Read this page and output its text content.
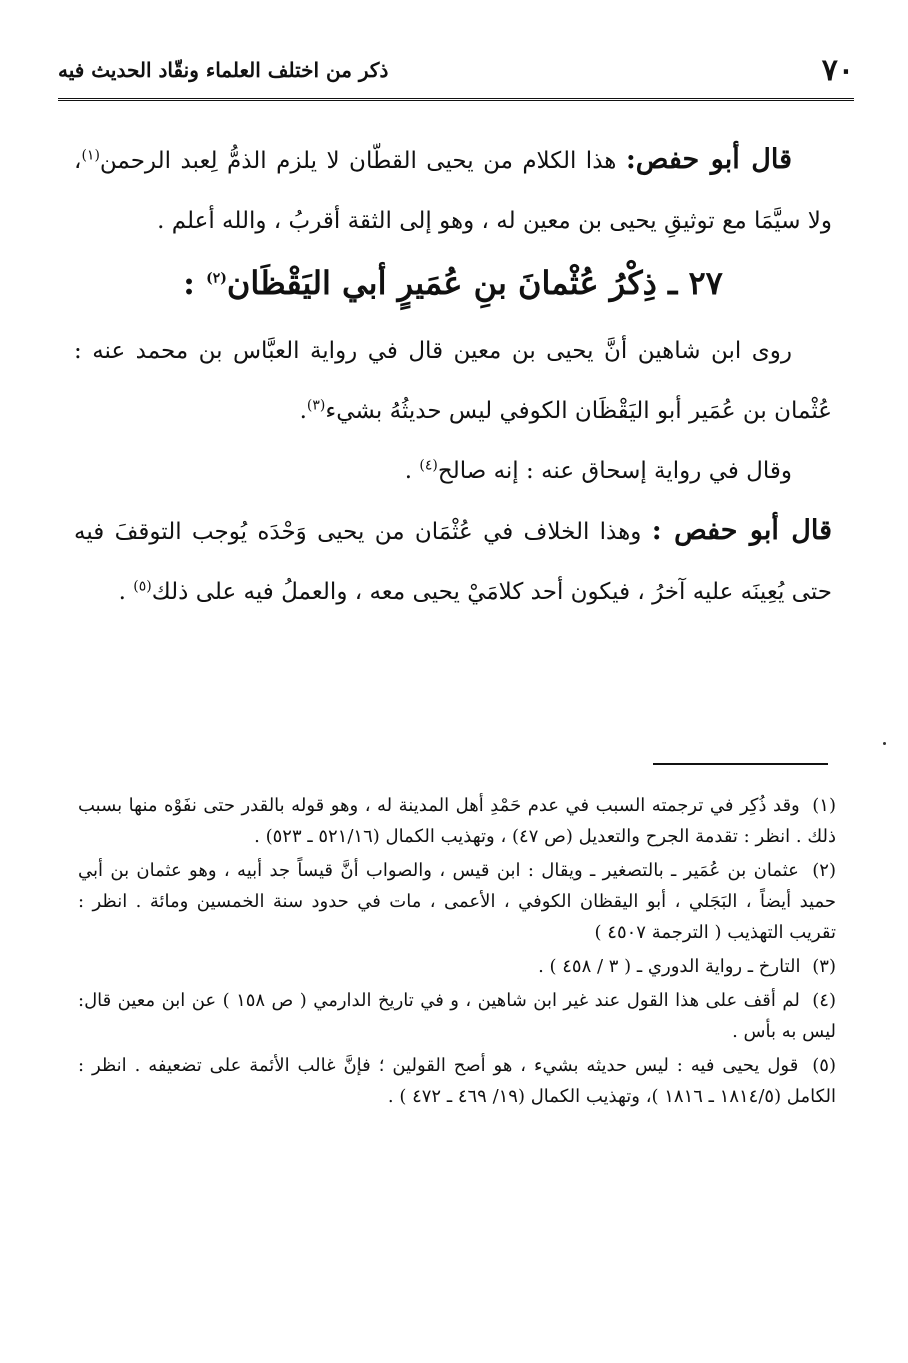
٧٠
ذكر من اختلف العلماء ونقّاد الحديث فيه

قال أبو حفص: هذا الكلام من يحيى القطّان لا يلزم الذمُّ لِعبد الرحمن$^{(١)}$، ولا سيَّمَا مع توثيقِ يحيى بن معين له ، وهو إلى الثقة أقربُ ، والله أعلم .

٢٧ ـ ذِكْرُ عُثْمانَ بنِ عُمَيرٍ أبي اليَقْظَان$^{(٢)}$ :

روى ابن شاهين أنَّ يحيى بن معين قال في رواية العبَّاس بن محمد عنه : عُثْمان بن عُمَير أبو اليَقْظَان الكوفي ليس حديثُهُ بشيء$^{(٣)}$.

وقال في رواية إسحاق عنه : إنه صالح$^{(٤)}$ .

قال أبو حفص : وهذا الخلاف في عُثْمَان من يحيى وَحْدَه يُوجب التوقفَ فيه حتى يُعِينَه عليه آخرُ ، فيكون أحد كلامَيْ يحيى معه ، والعملُ فيه على ذلك$^{(٥)}$ .

(١) وقد ذُكِر في ترجمته السبب في عدم حَمْدِ أهل المدينة له ، وهو قوله بالقدر حتى نفَوْه منها بسبب ذلك . انظر : تقدمة الجرح والتعديل (ص ٤٧) ، وتهذيب الكمال (٥٢١/١٦ ـ ٥٢٣) .

(٢) عثمان بن عُمَير ـ بالتصغير ـ ويقال : ابن قيس ، والصواب أنَّ قيساً جد أبيه ، وهو عثمان بن أبي حميد أيضاً ، البَجَلي ، أبو اليقظان الكوفي ، الأعمى ، مات في حدود سنة الخمسين ومائة . انظر : تقريب التهذيب ( الترجمة ٤٥٠٧ )

(٣) التارخ ـ رواية الدوري ـ ( ٣ / ٤٥٨ ) .

(٤) لم أقف على هذا القول عند غير ابن شاهين ، و في تاريخ الدارمي ( ص ١٥٨ ) عن ابن معين قال: ليس به بأس .

(٥) قول يحيى فيه : ليس حديثه بشيء ، هو أصح القولين ؛ فإنَّ غالب الأئمة على تضعيفه . انظر : الكامل (١٨١٤/٥ ـ ١٨١٦ )، وتهذيب الكمال (١٩/ ٤٦٩ ـ ٤٧٢ ) .
